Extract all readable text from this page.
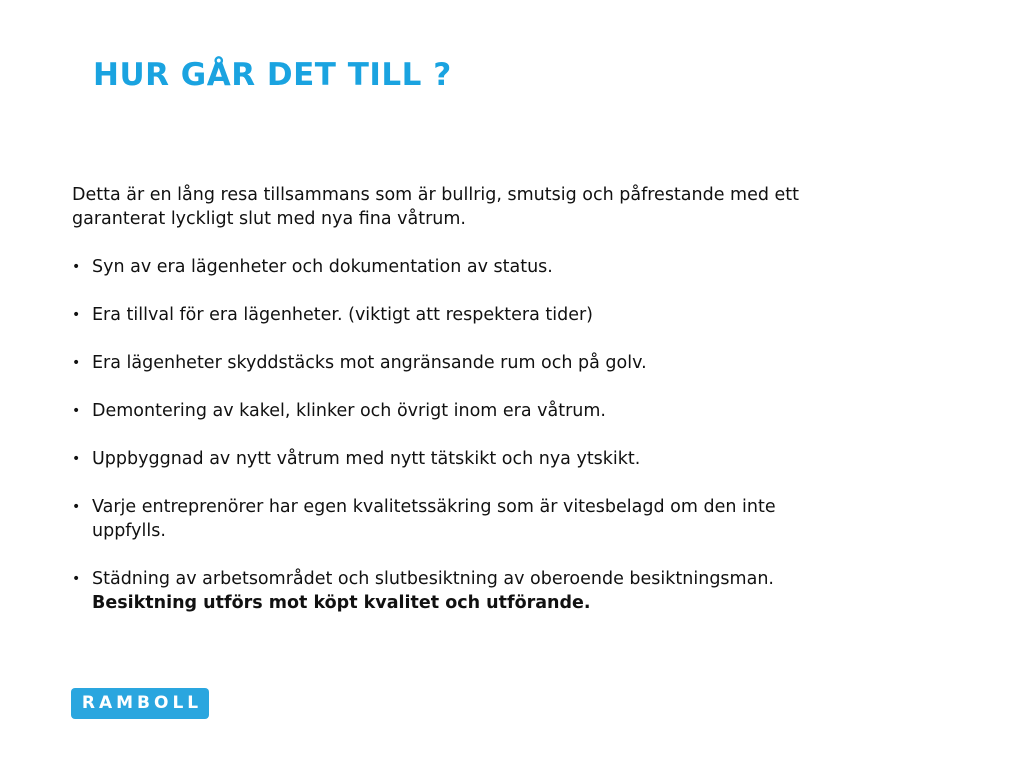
HUR GÅR DET TILL ?

Detta är en lång resa tillsammans som är bullrig, smutsig och påfrestande med ett garanterat lyckligt slut med nya fina våtrum.

• Syn av era lägenheter och dokumentation av status.
• Era tillval för era lägenheter. (viktigt att respektera tider)
• Era lägenheter skyddstäcks mot angränsande rum och på golv.
• Demontering av kakel, klinker och övrigt inom era våtrum.
• Uppbyggnad av nytt våtrum med nytt tätskikt och nya ytskikt.
• Varje entreprenörer har egen kvalitetssäkring som är vitesbelagd om den inte uppfylls.
• Städning av arbetsområdet och slutbesiktning av oberoende besiktningsman. Besiktning utförs mot köpt kvalitet och utförande.
RAMBOLL
